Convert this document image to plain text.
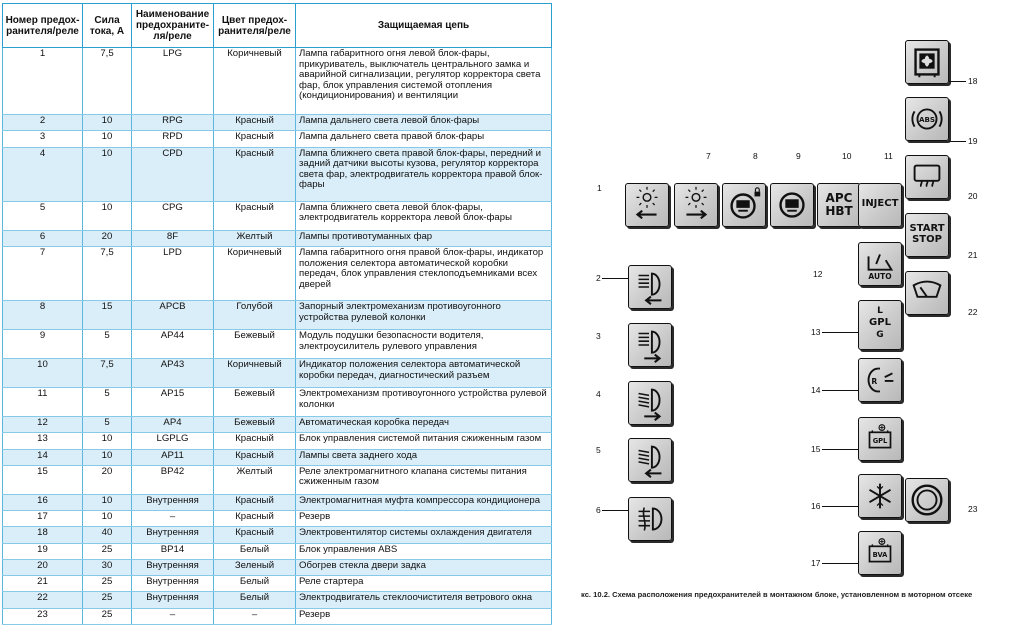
Номер предох-ранителя/реле	Сила тока, А	Наименование предохраните-ля/реле	Цвет предох-ранителя/реле	Защищаемая цепь
1	7,5	LPG	Коричневый	Лампа габаритного огня левой блок-фары, прикуриватель, выключатель центрального замка и аварийной сигнализации, регулятор корректора света фар, блок управления системой отопления (кондиционирования) и вентиляции
2	10	RPG	Красный	Лампа дальнего света левой блок-фары
3	10	RPD	Красный	Лампа дальнего света правой блок-фары
4	10	CPD	Красный	Лампа ближнего света правой блок-фары, передний и задний датчики высоты кузова, регулятор корректора света фар, электродвигатель корректора правой блок-фары
5	10	CPG	Красный	Лампа ближнего света левой блок-фары, электродвигатель корректора левой блок-фары
6	20	8F	Желтый	Лампы противотуманных фар
7	7,5	LPD	Коричневый	Лампа габаритного огня правой блок-фары, индикатор положения селектора автоматической коробки передач, блок управления стеклоподъемниками всех дверей
8	15	APCB	Голубой	Запорный электромеханизм противоугонного устройства рулевой колонки
9	5	AP44	Бежевый	Модуль подушки безопасности водителя, электроусилитель рулевого управления
10	7,5	AP43	Коричневый	Индикатор положения селектора автоматической коробки передач, диагностический разъем
11	5	AP15	Бежевый	Электромеханизм противоугонного устройства рулевой колонки
12	5	AP4	Бежевый	Автоматическая коробка передач
13	10	LGPLG	Красный	Блок управления системой питания сжиженным газом
14	10	AP11	Красный	Лампы света заднего хода
15	20	BP42	Желтый	Реле электромагнитного клапана системы питания сжиженным газом
16	10	Внутренняя	Красный	Электромагнитная муфта компрессора кондиционера
17	10	–	Красный	Резерв
18	40	Внутренняя	Красный	Электровентилятор системы охлаждения двигателя
19	25	BP14	Белый	Блок управления ABS
20	30	Внутренняя	Зеленый	Обогрев стекла двери задка
21	25	Внутренняя	Белый	Реле стартера
22	25	Внутренняя	Белый	Электродвигатель стеклоочистителя ветрового окна
23	25	–	–	Резерв
APC
HBT
INJECT
ABS
START
STOP
AUTO
L
GPL
G
R
GPL
BVA
1
2
3
4
5
6
7	8	9	10	11
12
13
14
15
16
17
18
19
20
21
22
23
кс. 10.2. Схема расположения предохранителей в монтажном блоке, установленном в моторном отсеке
